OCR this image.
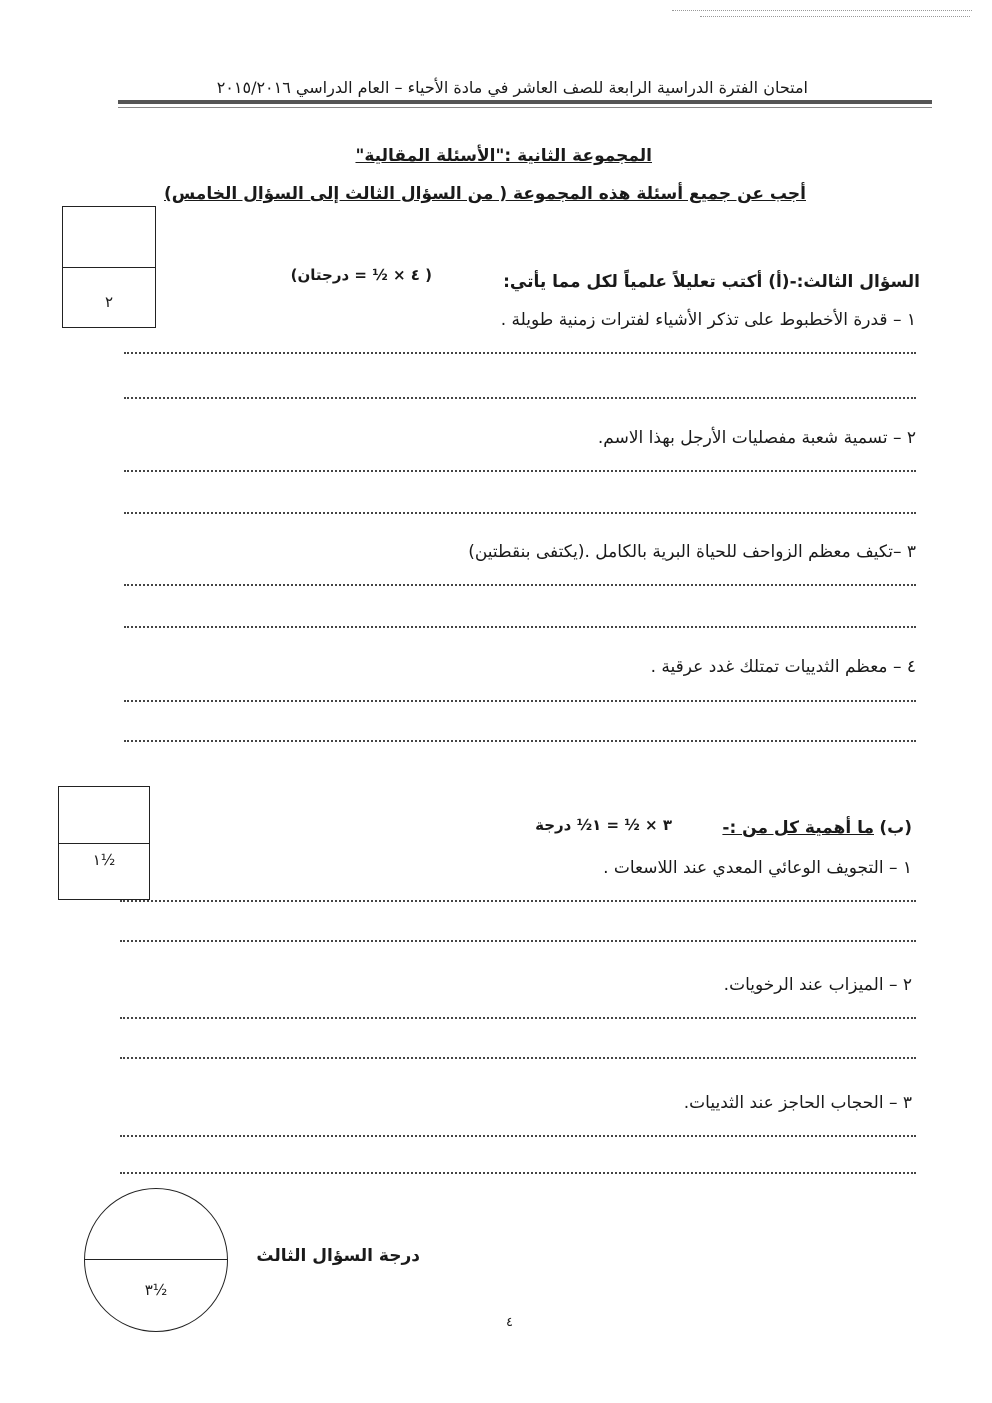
امتحان الفترة الدراسية الرابعة للصف العاشر في مادة الأحياء – العام الدراسي ٢٠١٥/٢٠١٦
المجموعة الثانية :"الأسئلة المقالية"
أجب عن جميع أسئلة هذه المجموعة ( من السؤال الثالث إلى السؤال الخامس)
٢
السؤال الثالث:-(أ) أكتب تعليلاً علمياً لكل مما يأتي:
( ٤ × ½ = درجتان)
١ – قدرة الأخطبوط على تذكر الأشياء لفترات زمنية طويلة .
٢ – تسمية شعبة مفصليات الأرجل بهذا الاسم.
٣ –تكيف معظم الزواحف للحياة البرية بالكامل .(يكتفى بنقطتين)
٤ – معظم الثدييات تمتلك غدد عرقية .
١½
(ب)
ما أهمية كل من :-
٣ × ½ = ١½ درجة
١ – التجويف الوعائي المعدي عند اللاسعات .
٢ – الميزاب عند الرخويات.
٣ – الحجاب الحاجز عند الثدييات.
٣½
درجة السؤال الثالث
٤
